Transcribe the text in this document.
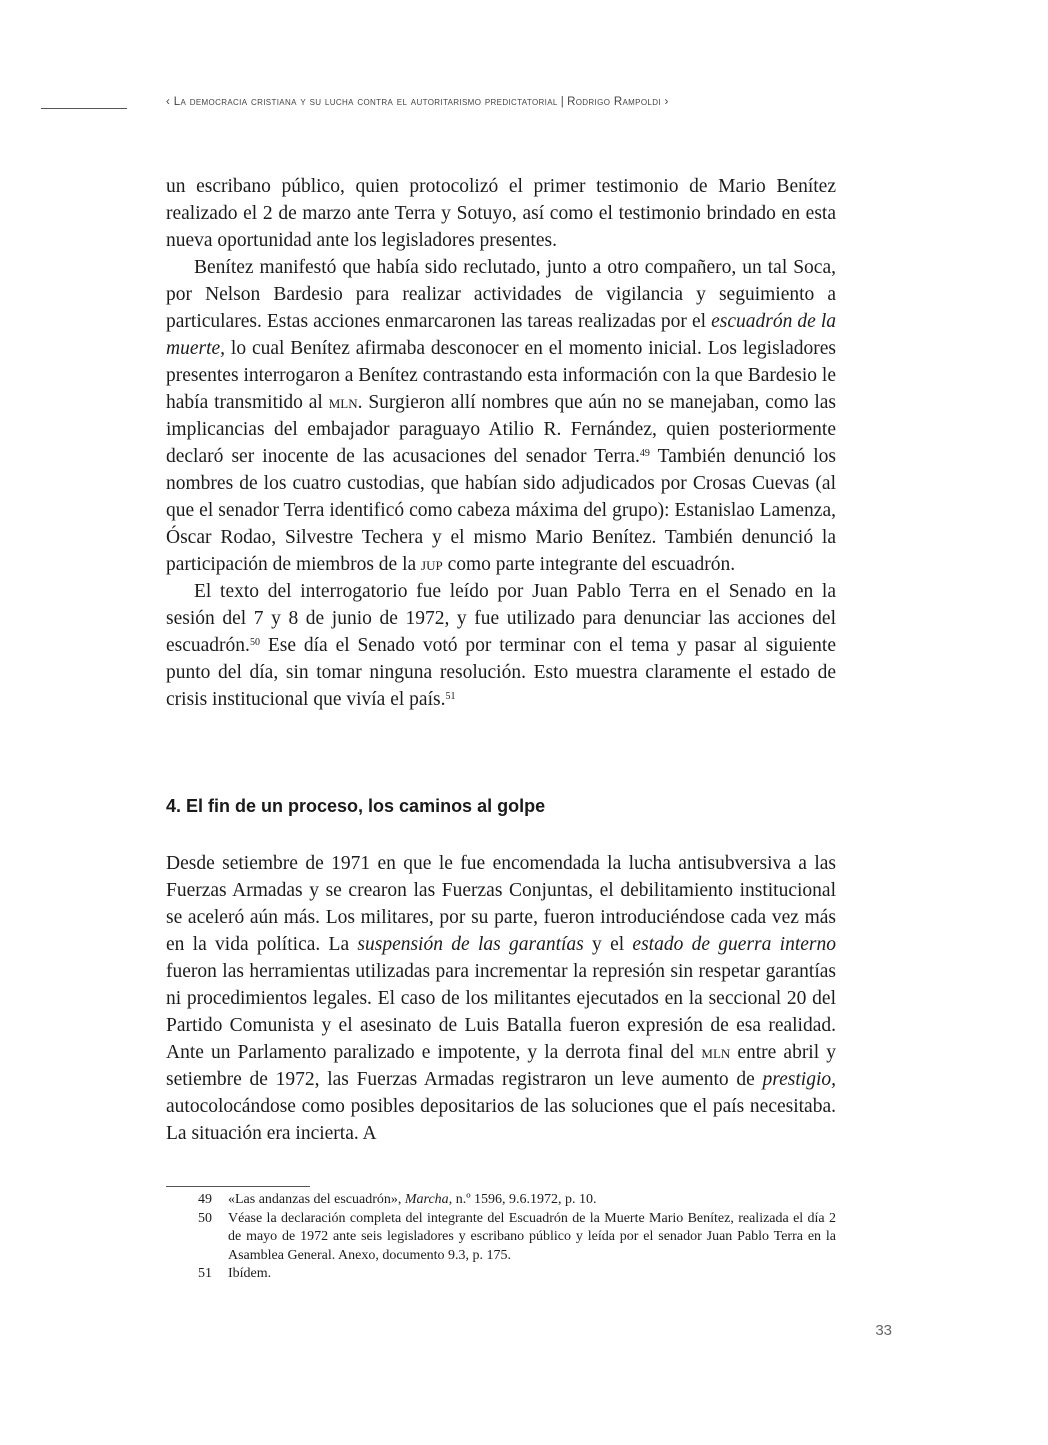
‹ La democracia cristiana y su lucha contra el autoritarismo predictatorial | Rodrigo Rampoldi ›

un escribano público, quien protocolizó el primer testimonio de Mario Benítez realizado el 2 de marzo ante Terra y Sotuyo, así como el testimonio brindado en esta nueva oportunidad ante los legisladores presentes.

Benítez manifestó que había sido reclutado, junto a otro compañero, un tal Soca, por Nelson Bardesio para realizar actividades de vigilancia y seguimiento a particulares. Estas acciones enmarcaronen las tareas realizadas por el escuadrón de la muerte, lo cual Benítez afirmaba desconocer en el momento inicial. Los legisladores presentes interrogaron a Benítez contrastando esta información con la que Bardesio le había transmitido al mln. Surgieron allí nombres que aún no se manejaban, como las implicancias del embajador paraguayo Atilio R. Fernández, quien posteriormente declaró ser inocente de las acusaciones del senador Terra.$^{49}$ También denunció los nombres de los cuatro custodias, que habían sido adjudicados por Crosas Cuevas (al que el senador Terra identificó como cabeza máxima del grupo): Estanislao Lamenza, Óscar Rodao, Silvestre Techera y el mismo Mario Benítez. También denunció la participación de miembros de la jup como parte integrante del escuadrón.

El texto del interrogatorio fue leído por Juan Pablo Terra en el Senado en la sesión del 7 y 8 de junio de 1972, y fue utilizado para denunciar las acciones del escuadrón.$^{50}$ Ese día el Senado votó por terminar con el tema y pasar al siguiente punto del día, sin tomar ninguna resolución. Esto muestra claramente el estado de crisis institucional que vivía el país.$^{51}$

4. El fin de un proceso, los caminos al golpe

Desde setiembre de 1971 en que le fue encomendada la lucha antisubversiva a las Fuerzas Armadas y se crearon las Fuerzas Conjuntas, el debilitamiento institucional se aceleró aún más. Los militares, por su parte, fueron introduciéndose cada vez más en la vida política. La suspensión de las garantías y el estado de guerra interno fueron las herramientas utilizadas para incrementar la represión sin respetar garantías ni procedimientos legales. El caso de los militantes ejecutados en la seccional 20 del Partido Comunista y el asesinato de Luis Batalla fueron expresión de esa realidad. Ante un Parlamento paralizado e impotente, y la derrota final del mln entre abril y setiembre de 1972, las Fuerzas Armadas registraron un leve aumento de prestigio, autocolocándose como posibles depositarios de las soluciones que el país necesitaba. La situación era incierta. A

49	«Las andanzas del escuadrón», Marcha, n.º 1596, 9.6.1972, p. 10.
50	Véase la declaración completa del integrante del Escuadrón de la Muerte Mario Benítez, realizada el día 2 de mayo de 1972 ante seis legisladores y escribano público y leída por el senador Juan Pablo Terra en la Asamblea General. Anexo, documento 9.3, p. 175.
51	Ibídem.
33
